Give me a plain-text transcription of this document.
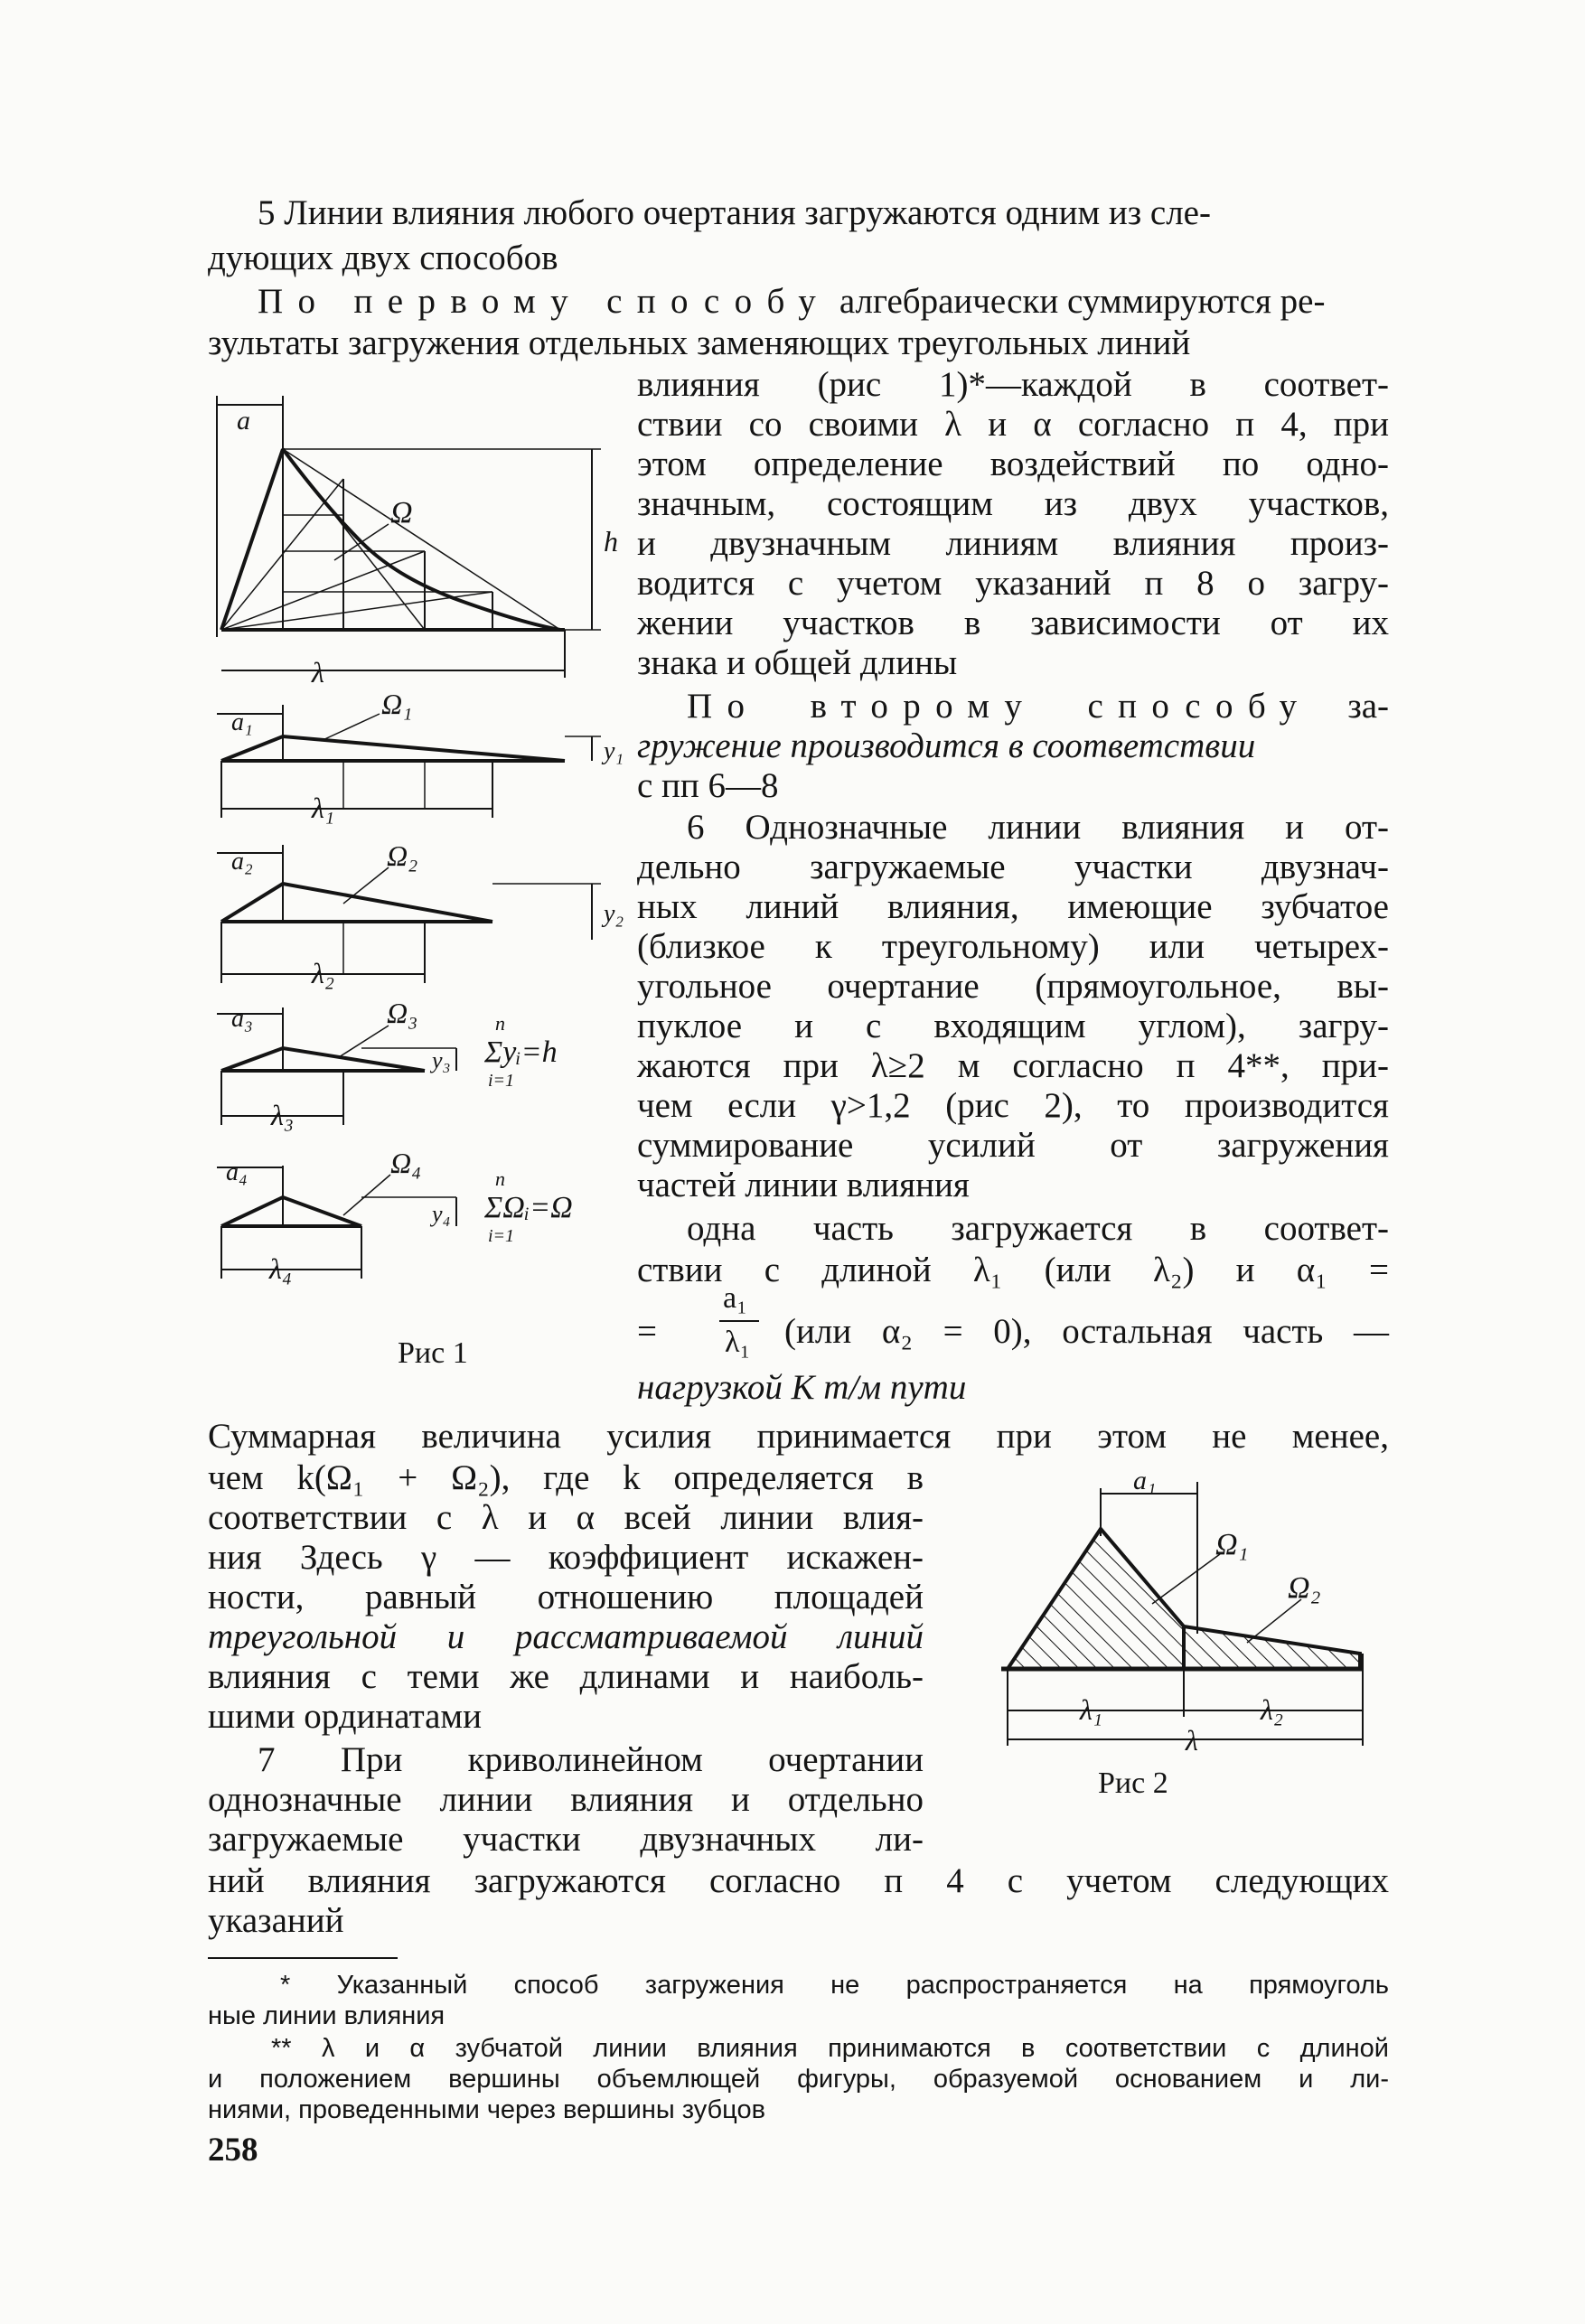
5 Линии влияния любого очертания загружаются одним из сле-
дующих двух способов
По первому способу алгебраически суммируются ре-
зультаты загружения отдельных заменяющих треугольных линий
влияния (рис 1)*—каждой в соответ-
ствии со своими λ и α согласно п 4, при
этом определение воздействий по одно-
значным, состоящим из двух участков,
и двузначным линиям влияния произ-
водится с учетом указаний п 8 о загру-
жении участков в зависимости от их
знака и общей длины
По второму способу за-
гружение производится в соответствии
с пп 6—8
6 Однозначные линии влияния и от-
дельно загружаемые участки двузнач-
ных линий влияния, имеющие зубчатое
(близкое к треугольному) или четырех-
угольное очертание (прямоугольное, вы-
пуклое и с входящим углом), загру-
жаются при λ≥2 м согласно п 4**, при-
чем если γ>1,2 (рис 2), то производится
суммирование усилий от загружения
частей линии влияния
одна часть загружается в соответ-
ствии с длиной λ₁ (или λ₂) и α₁ =
=
a₁
λ₁ (или α₂ = 0), остальная часть —
нагрузкой К т/м пути
Суммарная величина усилия принимается при этом не менее,
чем k(Ω₁ + Ω₂), где k определяется в
соответствии с λ и α всей линии влия-
ния Здесь γ — коэффициент искажен-
ности, равный отношению площадей
треугольной и рассматриваемой линий
влияния с теми же длинами и наиболь-
шими ординатами
7 При криволинейном очертании
однозначные линии влияния и отдельно
загружаемые участки двузначных ли-
ний влияния загружаются согласно п 4 с учетом следующих
указаний
* Указанный способ загружения не распространяется на прямоуголь
ные линии влияния
** λ и α зубчатой линии влияния принимаются в соответствии с длиной
и положением вершины объемлющей фигуры, образуемой основанием и ли-
ниями, проведенными через вершины зубцов
258
a
Ω
h
λ
a₁
Ω₁
y₁
λ₁
a₂	Ω₂
y₂
λ₂
a₃	Ω₃
y₃
λ₃
a₄	Ω₄
y₄
λ₄
n
Σyᵢ=h
i=1
n
ΣΩᵢ=Ω
i=1
Рис 1
a₁
Ω₁
Ω₂
λ₁	λ₂
λ
Рис 2
